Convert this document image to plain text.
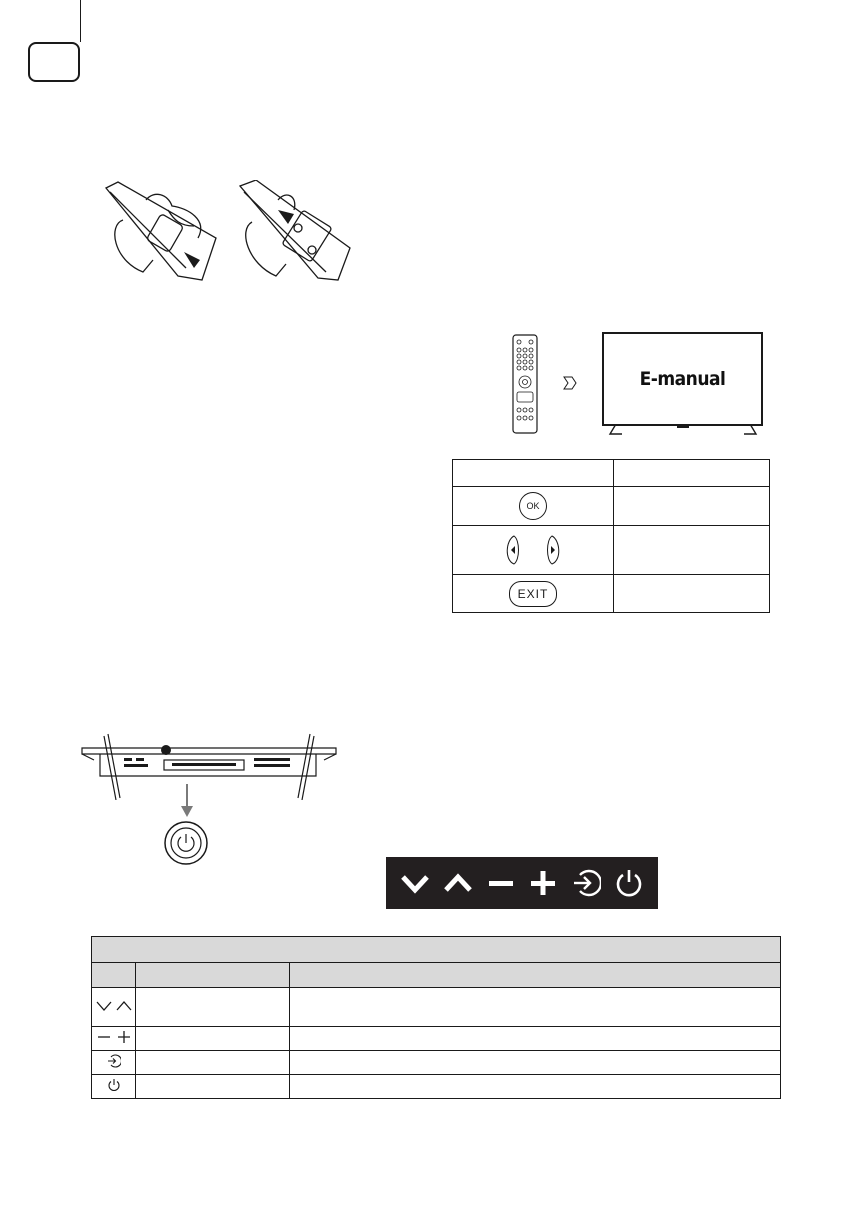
E-manual

OK	

EXIT	
